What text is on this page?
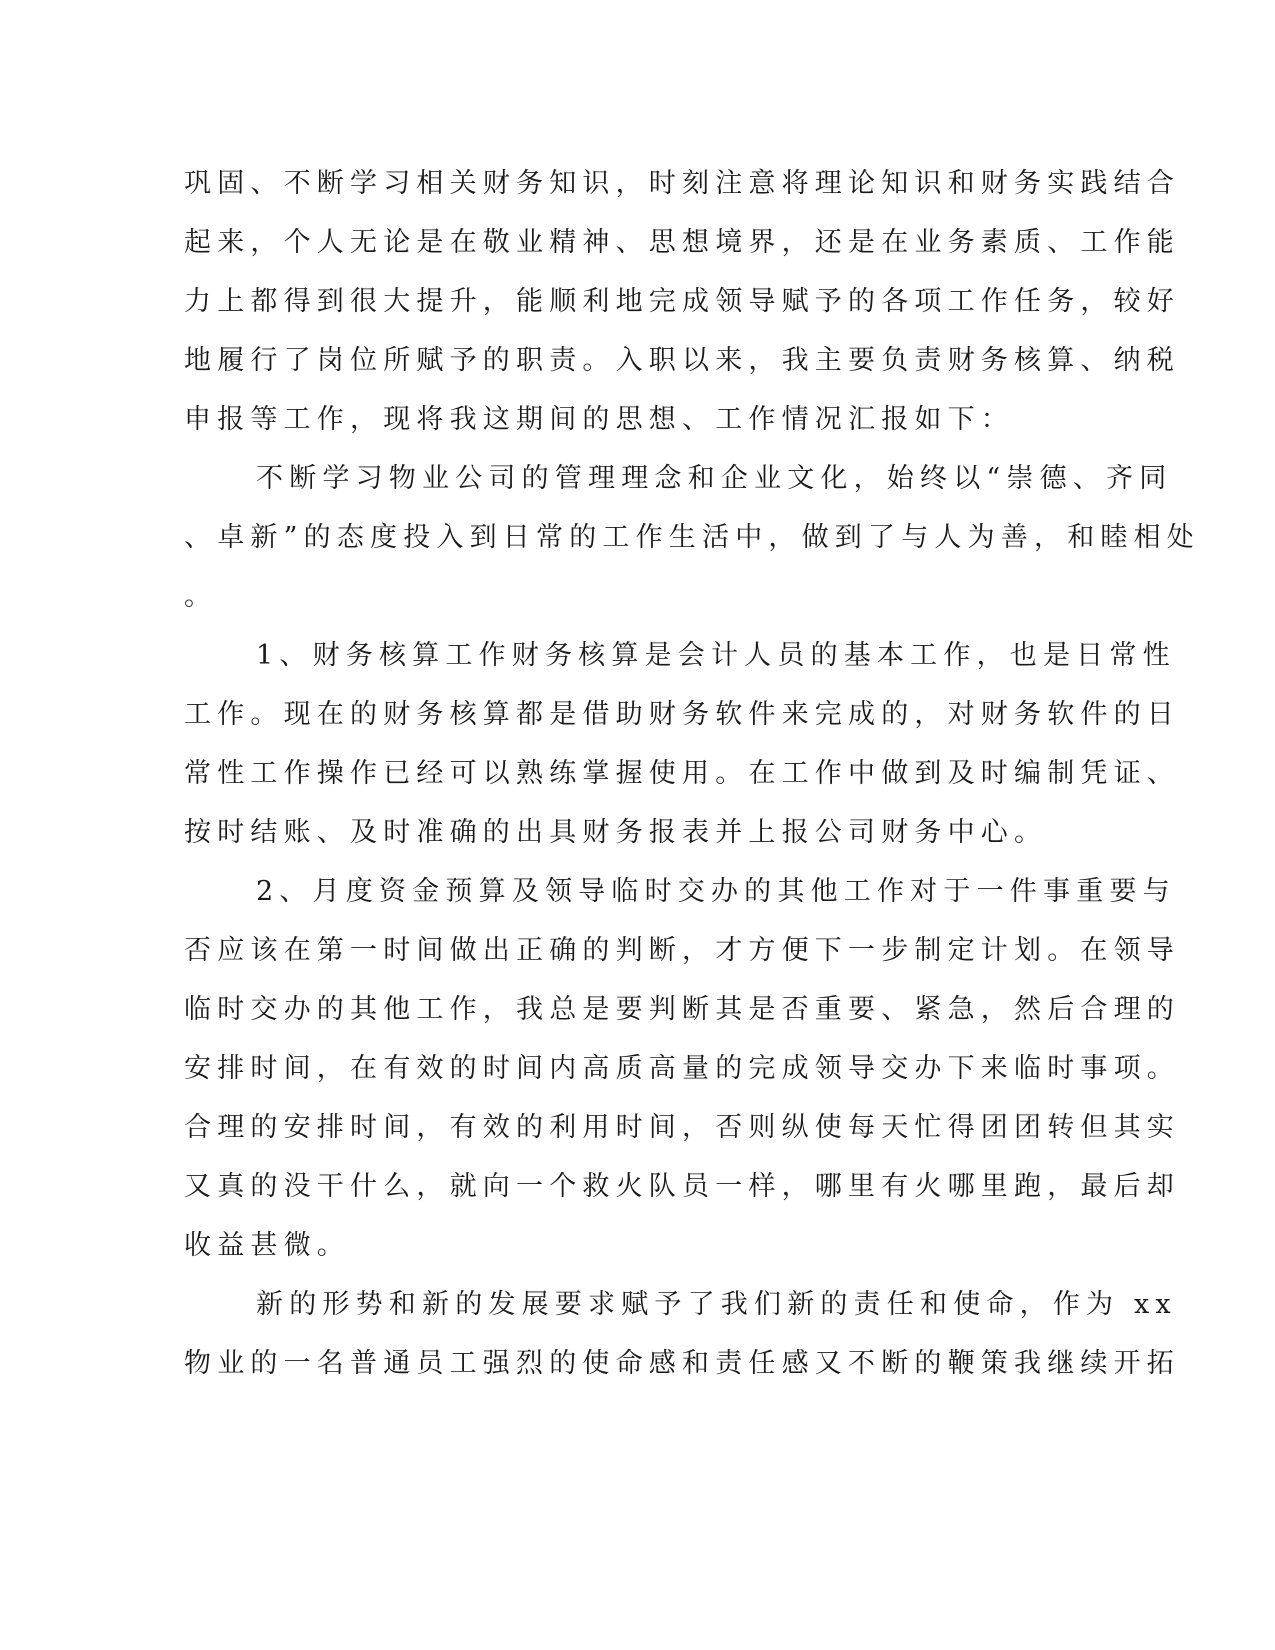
巩固、不断学习相关财务知识，时刻注意将理论知识和财务实践结合
起来，个人无论是在敬业精神、思想境界，还是在业务素质、工作能
力上都得到很大提升，能顺利地完成领导赋予的各项工作任务，较好
地履行了岗位所赋予的职责。入职以来，我主要负责财务核算、纳税
申报等工作，现将我这期间的思想、工作情况汇报如下：
不断学习物业公司的管理理念和企业文化，始终以“崇德、齐同
、卓新”的态度投入到日常的工作生活中，做到了与人为善，和睦相处
。
1、财务核算工作财务核算是会计人员的基本工作，也是日常性
工作。现在的财务核算都是借助财务软件来完成的，对财务软件的日
常性工作操作已经可以熟练掌握使用。在工作中做到及时编制凭证、
按时结账、及时准确的出具财务报表并上报公司财务中心。
2、月度资金预算及领导临时交办的其他工作对于一件事重要与
否应该在第一时间做出正确的判断，才方便下一步制定计划。在领导
临时交办的其他工作，我总是要判断其是否重要、紧急，然后合理的
安排时间，在有效的时间内高质高量的完成领导交办下来临时事项。
合理的安排时间，有效的利用时间，否则纵使每天忙得团团转但其实
又真的没干什么，就向一个救火队员一样，哪里有火哪里跑，最后却
收益甚微。
新的形势和新的发展要求赋予了我们新的责任和使命，作为 xx
物业的一名普通员工强烈的使命感和责任感又不断的鞭策我继续开拓
